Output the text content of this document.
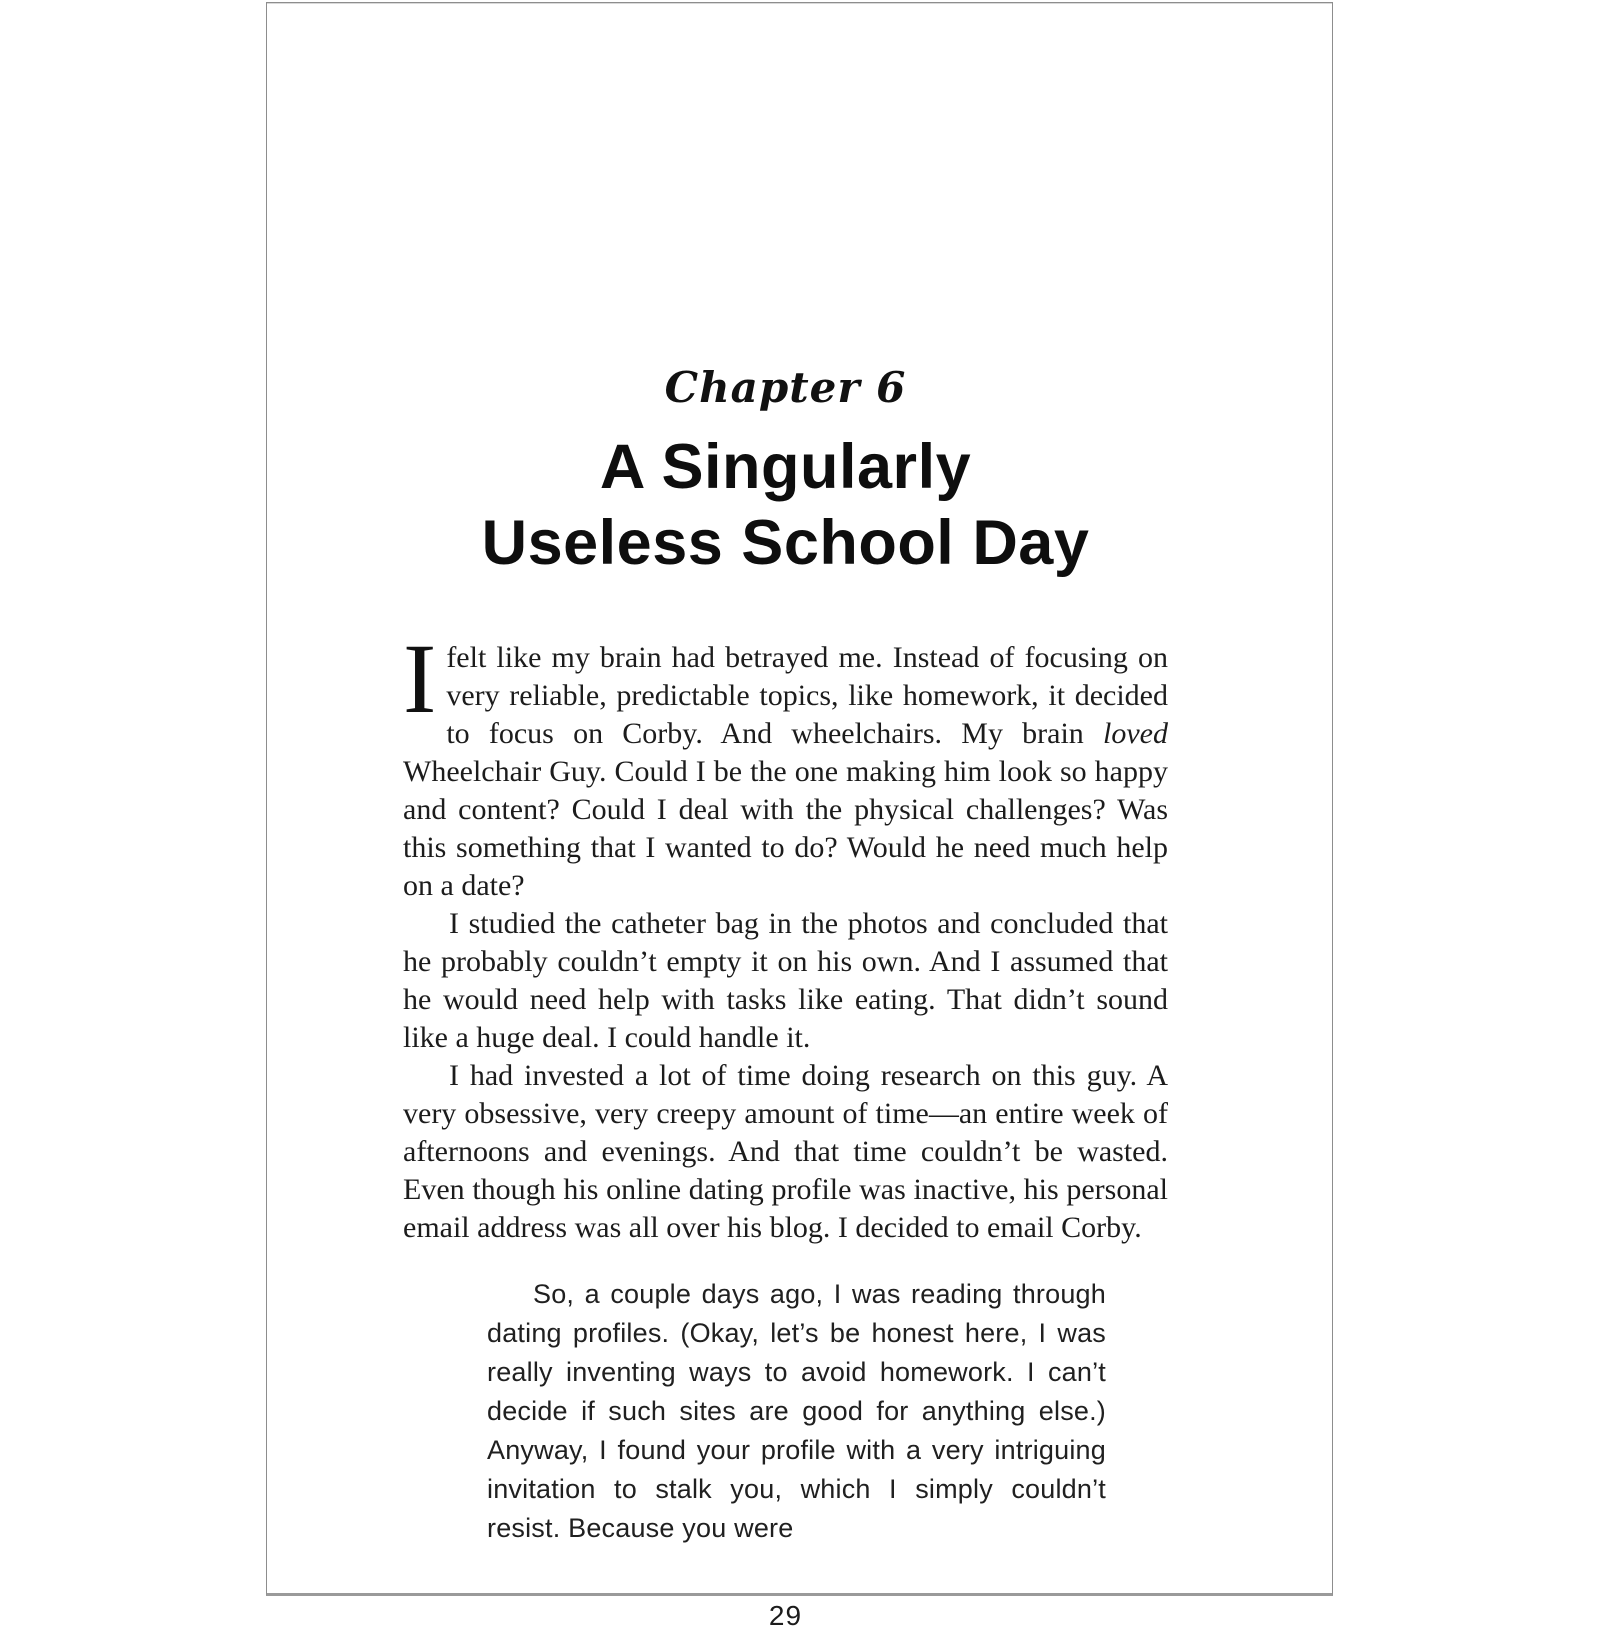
Chapter 6
A Singularly
Useless School Day

Ifelt like my brain had betrayed me. Instead of focusing on very reliable, predictable topics, like homework, it decided to focus on Corby. And wheelchairs. My brain loved Wheelchair Guy. Could I be the one making him look so happy and content? Could I deal with the physical challenges? Was this something that I wanted to do? Would he need much help on a date?

I studied the catheter bag in the photos and concluded that he probably couldn’t empty it on his own. And I assumed that he would need help with tasks like eating. That didn’t sound like a huge deal. I could handle it.

I had invested a lot of time doing research on this guy. A very obsessive, very creepy amount of time—an entire week of afternoons and evenings. And that time couldn’t be wasted. Even though his online dating profile was inactive, his personal email address was all over his blog. I decided to email Corby.

So, a couple days ago, I was reading through dating profiles. (Okay, let’s be honest here, I was really inventing ways to avoid homework. I can’t decide if such sites are good for anything else.) Anyway, I found your profile with a very intriguing invitation to stalk you, which I simply couldn’t resist. Because you were
29
